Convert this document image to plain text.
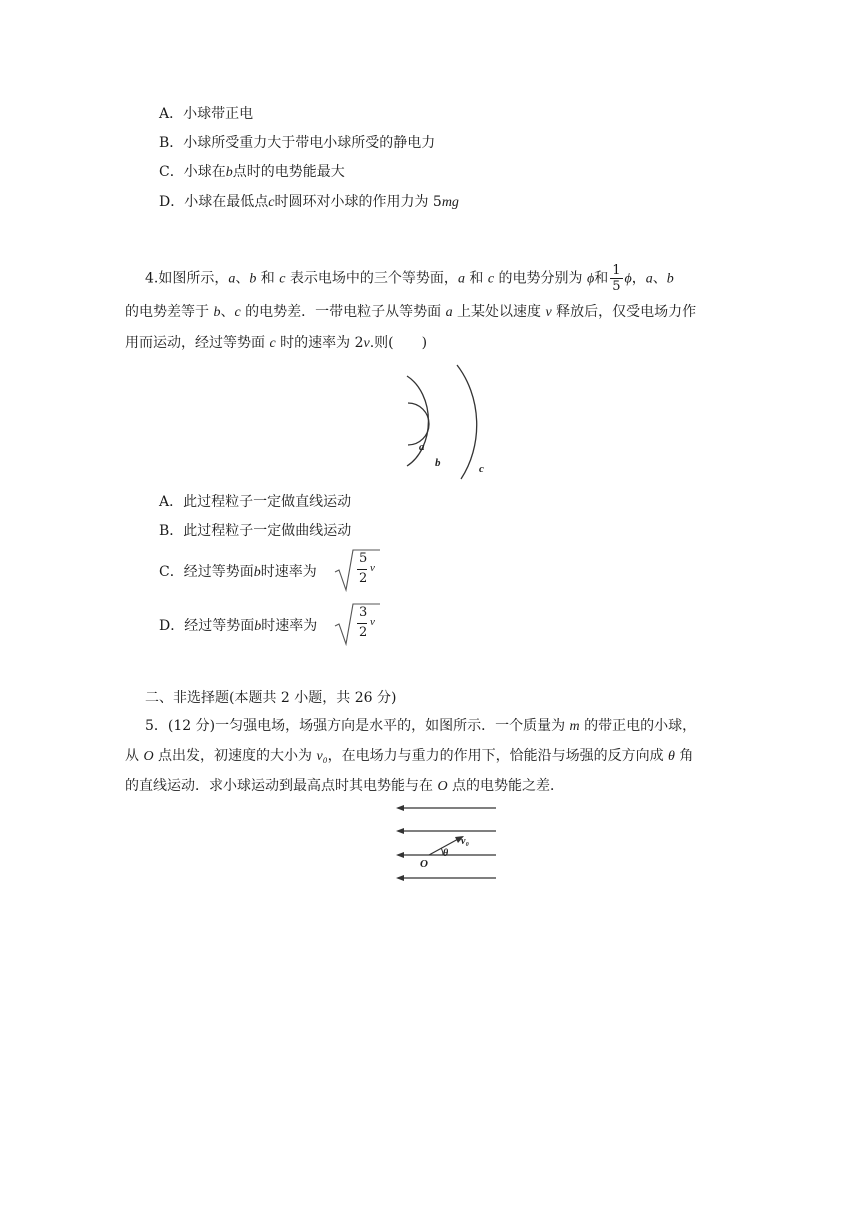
A．小球带正电
B．小球所受重力大于带电小球所受的静电力
C．小球在b点时的电势能最大
D．小球在最低点c时圆环对小球的作用力为 5mg
4.如图所示，a、b 和 c 表示电场中的三个等势面，a 和 c 的电势分别为 ϕ和 $\frac{1}{5}$ ϕ，a、b
的电势差等于 b、c 的电势差．一带电粒子从等势面 a 上某处以速度 v 释放后，仅受电场力作
用而运动，经过等势面 c 时的速率为 2v.则(　　)
a
b	c
A．此过程粒子一定做直线运动
B．此过程粒子一定做曲线运动
C．经过等势面b时速率为
5
2
v
D．经过等势面b时速率为
3
2
v
二、非选择题(本题共 2 小题，共 26 分)
5．(12 分)一匀强电场，场强方向是水平的，如图所示．一个质量为 m 的带正电的小球，
从 O 点出发，初速度的大小为 v₀，在电场力与重力的作用下，恰能沿与场强的反方向成 θ 角
的直线运动．求小球运动到最高点时其电势能与在 O 点的电势能之差．
v₀
θ
O
